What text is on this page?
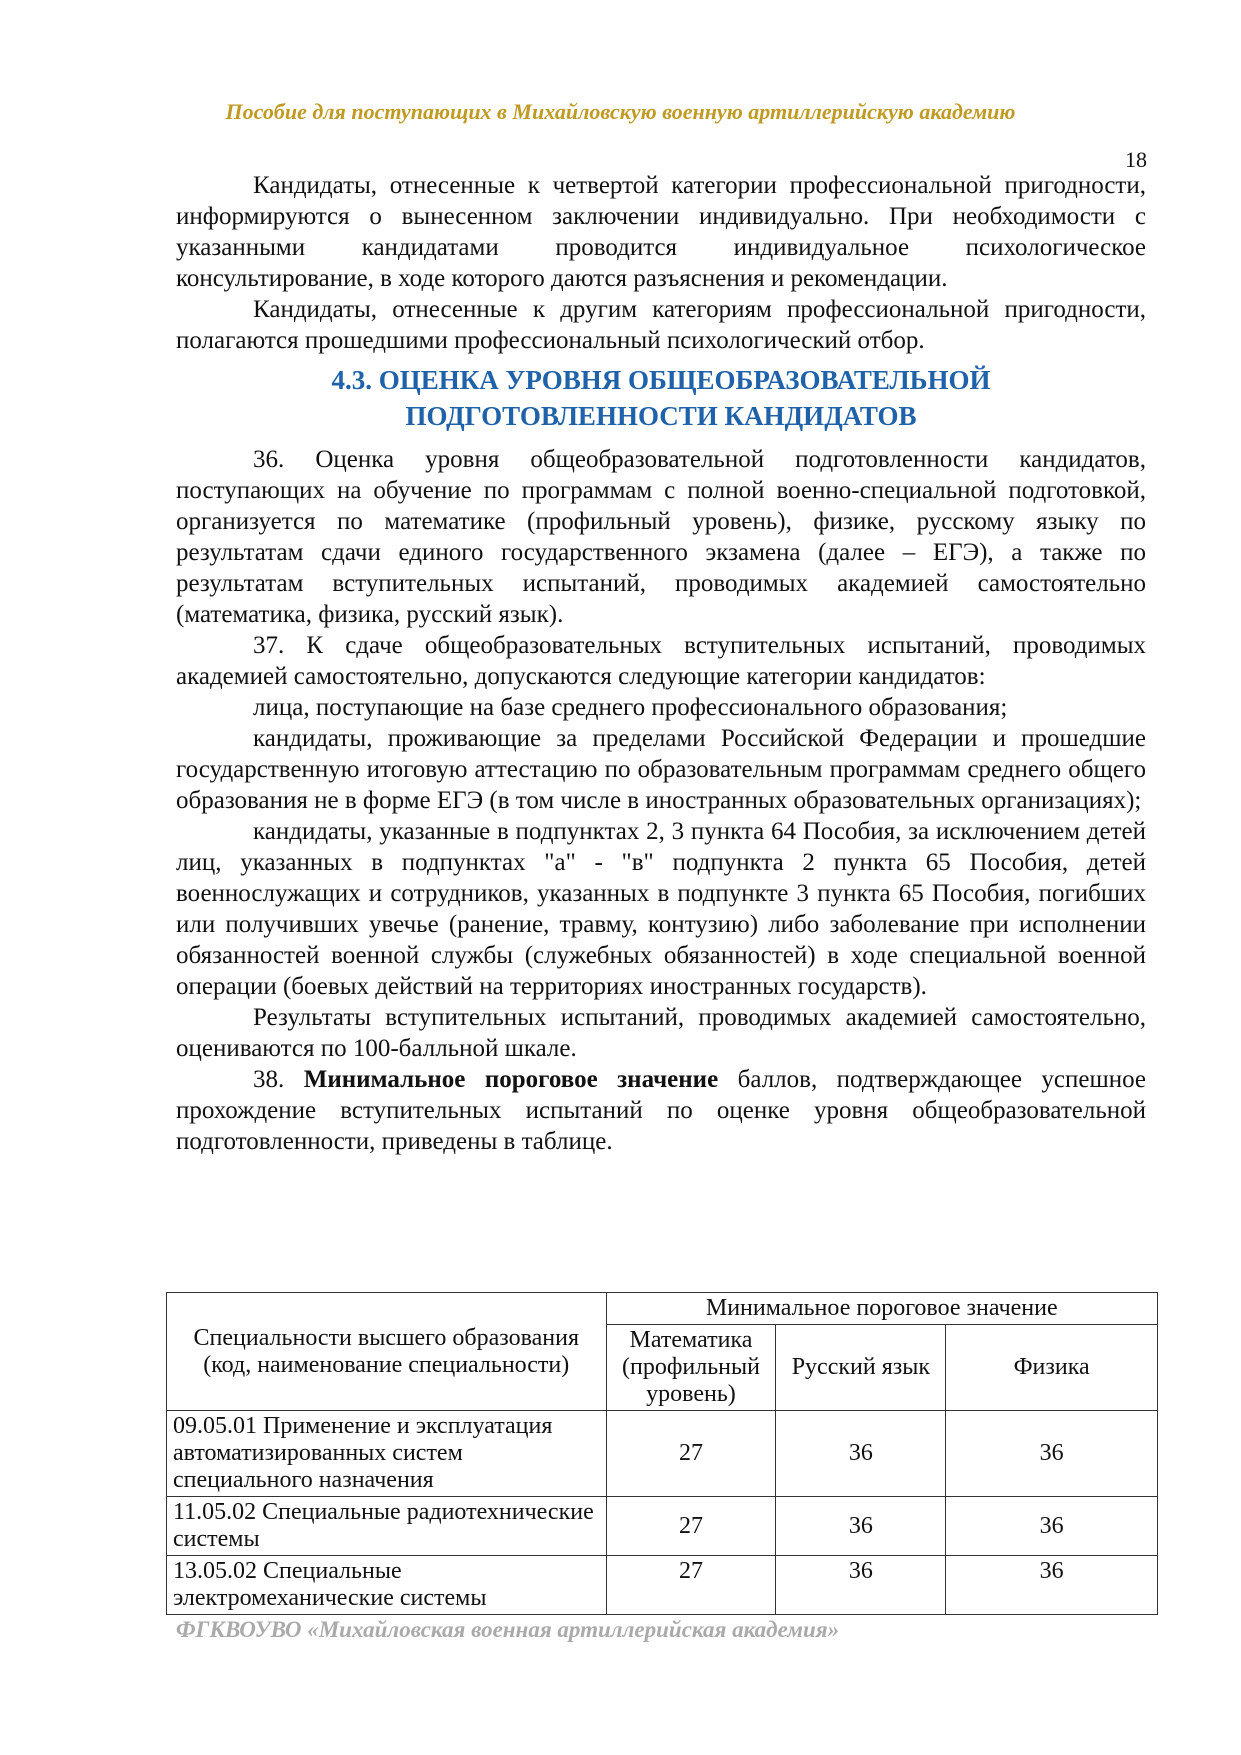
Пособие для поступающих в Михайловскую военную артиллерийскую академию
18

Кандидаты, отнесенные к четвертой категории профессиональной пригодности, информируются о вынесенном заключении индивидуально. При необходимости с указанными кандидатами проводится индивидуальное психологическое консультирование, в ходе которого даются разъяснения и рекомендации.

Кандидаты, отнесенные к другим категориям профессиональной пригодности, полагаются прошедшими профессиональный психологический отбор.

4.3. ОЦЕНКА УРОВНЯ ОБЩЕОБРАЗОВАТЕЛЬНОЙ
ПОДГОТОВЛЕННОСТИ КАНДИДАТОВ

36. Оценка уровня общеобразовательной подготовленности кандидатов, поступающих на обучение по программам с полной военно-специальной подготовкой, организуется по математике (профильный уровень), физике, русскому языку по результатам сдачи единого государственного экзамена (далее – ЕГЭ), а также по результатам вступительных испытаний, проводимых академией самостоятельно (математика, физика, русский язык).

37. К сдаче общеобразовательных вступительных испытаний, проводимых академией самостоятельно, допускаются следующие категории кандидатов:

лица, поступающие на базе среднего профессионального образования;

кандидаты, проживающие за пределами Российской Федерации и прошедшие государственную итоговую аттестацию по образовательным программам среднего общего образования не в форме ЕГЭ (в том числе в иностранных образовательных организациях);

кандидаты, указанные в подпунктах 2, 3 пункта 64 Пособия, за исключением детей лиц, указанных в подпунктах "а" - "в" подпункта 2 пункта 65 Пособия, детей военнослужащих и сотрудников, указанных в подпункте 3 пункта 65 Пособия, погибших или получивших увечье (ранение, травму, контузию) либо заболевание при исполнении обязанностей военной службы (служебных обязанностей) в ходе специальной военной операции (боевых действий на территориях иностранных государств).

Результаты вступительных испытаний, проводимых академией самостоятельно, оцениваются по 100-балльной шкале.

38. Минимальное пороговое значение баллов, подтверждающее успешное прохождение вступительных испытаний по оценке уровня общеобразовательной подготовленности, приведены в таблице.

Специальности высшего образования (код, наименование специальности)	Минимальное пороговое значение		
	Математика (профильный уровень)	Русский язык	Физика
09.05.01 Применение и эксплуатация автоматизированных систем специального назначения	27	36	36
11.05.02 Специальные радиотехнические системы	27	36	36
13.05.02 Специальные электромеханические системы	27	36	36
ФГКВОУВО «Михайловская военная артиллерийская академия»
